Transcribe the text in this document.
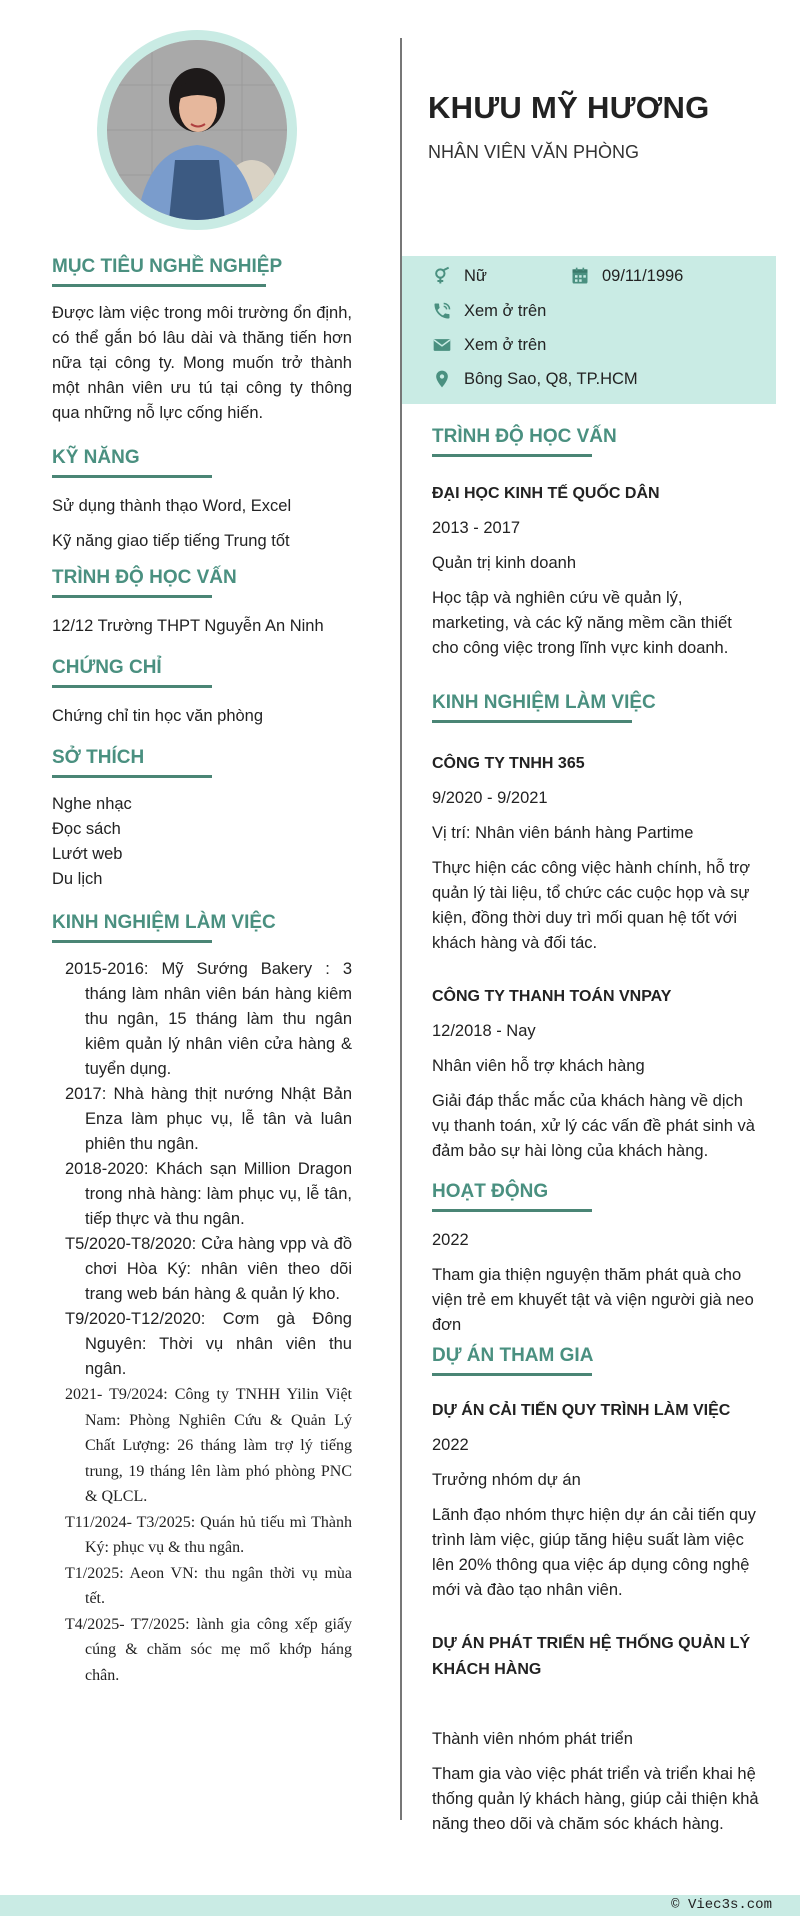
MỤC TIÊU NGHỀ NGHIỆP

Được làm việc trong môi trường ổn định, có thể gắn bó lâu dài và thăng tiến hơn nữa tại công ty. Mong muốn trở thành một nhân viên ưu tú tại công ty thông qua những nỗ lực cống hiến.

KỸ NĂNG
Sử dụng thành thạo Word, Excel
Kỹ năng giao tiếp tiếng Trung tốt
TRÌNH ĐỘ HỌC VẤN
12/12 Trường THPT Nguyễn An Ninh
CHỨNG CHỈ
Chứng chỉ tin học văn phòng
SỞ THÍCH
Nghe nhạc
Đọc sách
Lướt web
Du lịch
KINH NGHIỆM LÀM VIỆC

2015-2016: Mỹ Sướng Bakery : 3 tháng làm nhân viên bán hàng kiêm thu ngân, 15 tháng làm thu ngân kiêm quản lý nhân viên cửa hàng & tuyển dụng.

2017: Nhà hàng thịt nướng Nhật Bản Enza làm phục vụ, lễ tân và luân phiên thu ngân.

2018-2020: Khách sạn Million Dragon trong nhà hàng: làm phục vụ, lễ tân, tiếp thực và thu ngân.

T5/2020-T8/2020: Cửa hàng vpp và đồ chơi Hòa Ký: nhân viên theo dõi trang web bán hàng & quản lý kho.

T9/2020-T12/2020: Cơm gà Đông Nguyên: Thời vụ nhân viên thu ngân.

2021- T9/2024: Công ty TNHH Yilin Việt Nam: Phòng Nghiên Cứu & Quản Lý Chất Lượng: 26 tháng làm trợ lý tiếng trung, 19 tháng lên làm phó phòng PNC & QLCL.

T11/2024- T3/2025: Quán hủ tiếu mì Thành Ký: phục vụ & thu ngân.

T1/2025: Aeon VN: thu ngân thời vụ mùa tết.

T4/2025- T7/2025: lành gia công xếp giấy cúng & chăm sóc mẹ mổ khớp háng chân.

KHƯU MỸ HƯƠNG
NHÂN VIÊN VĂN PHÒNG
Nữ	09/11/1996
Xem ở trên
Xem ở trên
Bông Sao, Q8, TP.HCM
TRÌNH ĐỘ HỌC VẤN
ĐẠI HỌC KINH TẾ QUỐC DÂN
2013 - 2017
Quản trị kinh doanh

Học tập và nghiên cứu về quản lý, marketing, và các kỹ năng mềm cần thiết cho công việc trong lĩnh vực kinh doanh.

KINH NGHIỆM LÀM VIỆC
CÔNG TY TNHH 365
9/2020 - 9/2021
Vị trí: Nhân viên bánh hàng Partime

Thực hiện các công việc hành chính, hỗ trợ quản lý tài liệu, tổ chức các cuộc họp và sự kiện, đồng thời duy trì mối quan hệ tốt với khách hàng và đối tác.

CÔNG TY THANH TOÁN VNPAY
12/2018 - Nay
Nhân viên hỗ trợ khách hàng

Giải đáp thắc mắc của khách hàng về dịch vụ thanh toán, xử lý các vấn đề phát sinh và đảm bảo sự hài lòng của khách hàng.

HOẠT ĐỘNG
2022

Tham gia thiện nguyện thăm phát quà cho viện trẻ em khuyết tật và viện người già neo đơn

DỰ ÁN THAM GIA
DỰ ÁN CẢI TIẾN QUY TRÌNH LÀM VIỆC
2022
Trưởng nhóm dự án

Lãnh đạo nhóm thực hiện dự án cải tiến quy trình làm việc, giúp tăng hiệu suất làm việc lên 20% thông qua việc áp dụng công nghệ mới và đào tạo nhân viên.

DỰ ÁN PHÁT TRIỂN HỆ THỐNG QUẢN LÝ KHÁCH HÀNG
Thành viên nhóm phát triển

Tham gia vào việc phát triển và triển khai hệ thống quản lý khách hàng, giúp cải thiện khả năng theo dõi và chăm sóc khách hàng.

© Viec3s.com
